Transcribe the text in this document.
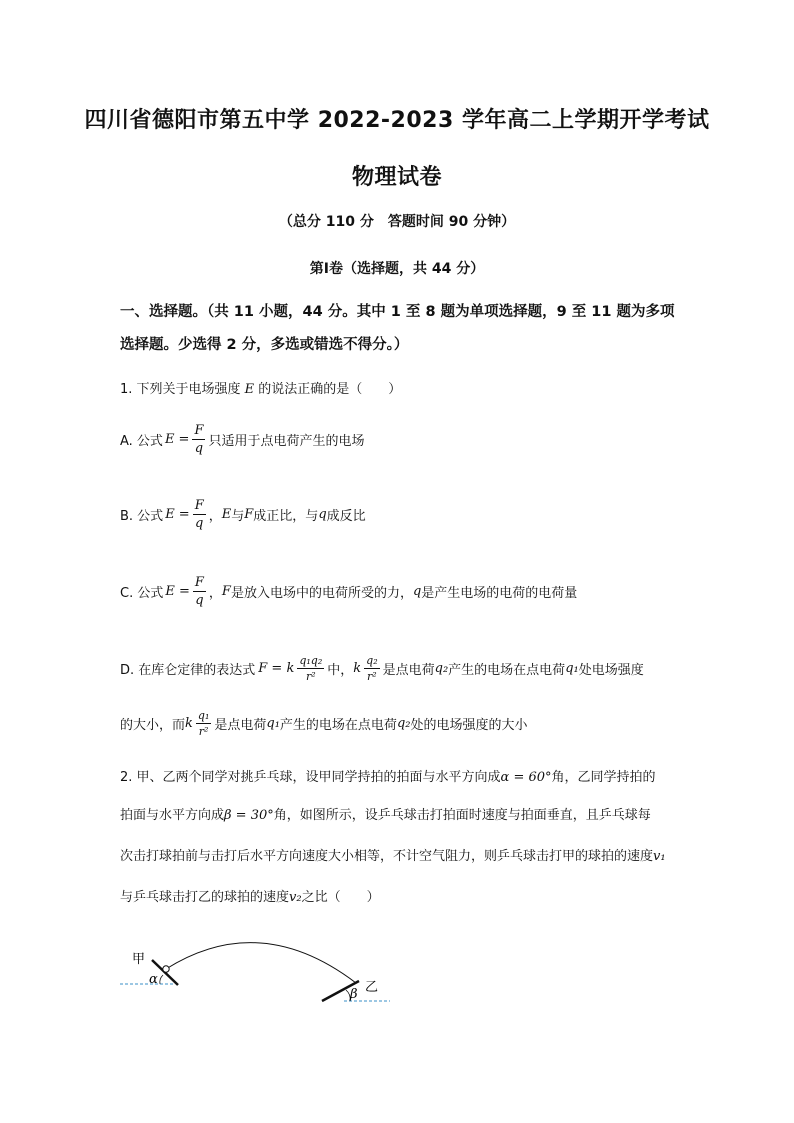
四川省德阳市第五中学 2022-2023 学年高二上学期开学考试
物理试卷
（总分 110 分　答题时间 90 分钟）
第Ⅰ卷（选择题，共 44 分）
一、选择题。（共 11 小题，44 分。其中 1 至 8 题为单项选择题，9 至 11 题为多项
选择题。少选得 2 分，多选或错选不得分。）
1. 下列关于电场强度 E 的说法正确的是（　　）
A. 公式 $E = \frac{F}{q}$ 只适用于点电荷产生的电场
B. 公式 $E = \frac{F}{q}$ ， E 与 F 成正比，与 q 成反比
C. 公式 $E = \frac{F}{q}$ ， F 是放入电场中的电荷所受的力， q 是产生电场的电荷的电荷量
D. 在库仑定律的表达式 F = k $\frac{\text{q₁q₂}}{\text{r²}}$ 中， k $\frac{\text{q₂}}{\text{r²}}$ 是点电荷 q₂ 产生的电场在点电荷 q₁ 处电场强度
的大小，而 k $\frac{\text{q₁}}{\text{r²}}$ 是点电荷 q₁ 产生的电场在点电荷 q₂ 处的电场强度的大小
2. 甲、乙两个同学对挑乒乓球，设甲同学持拍的拍面与水平方向成α = 60°角，乙同学持拍的
拍面与水平方向成β = 30°角，如图所示，设乒乓球击打拍面时速度与拍面垂直，且乒乓球每
次击打球拍前与击打后水平方向速度大小相等，不计空气阻力，则乒乓球击打甲的球拍的速度v₁
与乒乓球击打乙的球拍的速度v₂之比（　　）
甲
α
乙
β
